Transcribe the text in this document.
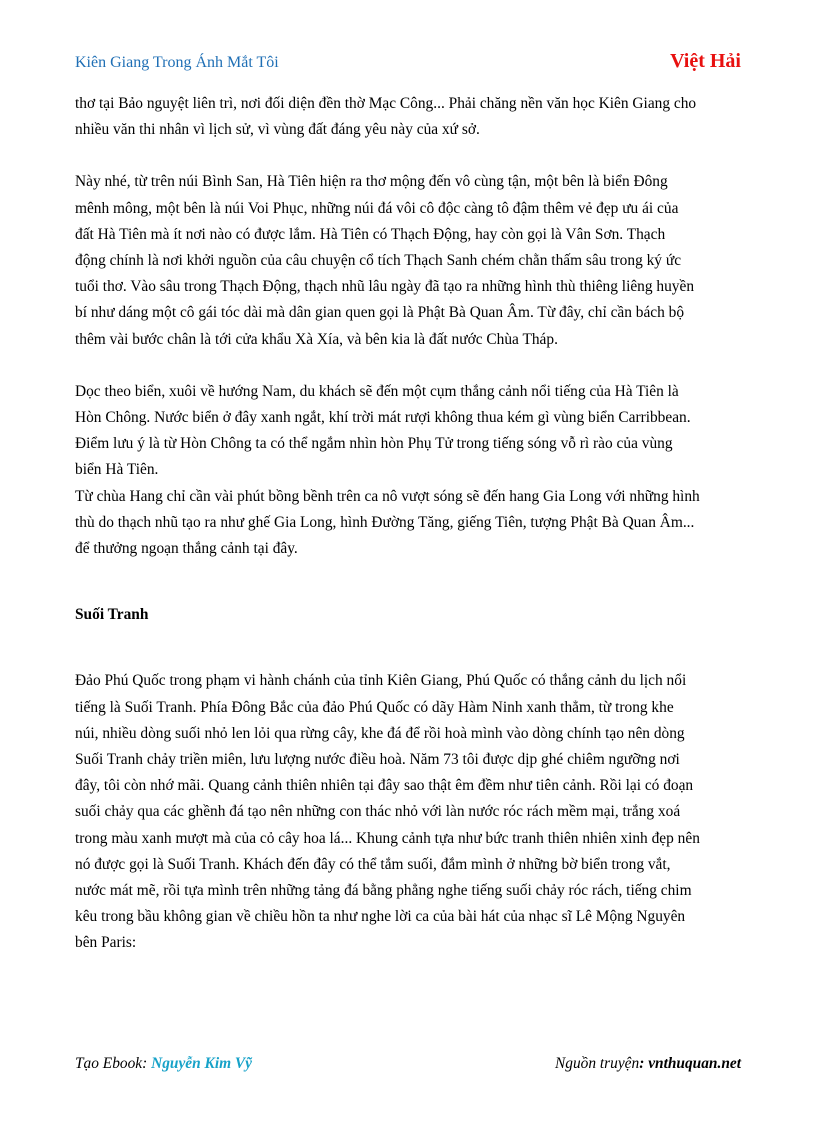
Kiên Giang Trong Ánh Mắt Tôi	Việt Hải

thơ tại Bảo nguyệt liên trì, nơi đối diện đền thờ Mạc Công... Phải chăng nền văn học Kiên Giang cho

nhiều văn thi nhân vì lịch sử, vì vùng đất đáng yêu này của xứ sở.

Này nhé, từ trên núi Bình San, Hà Tiên hiện ra thơ mộng đến vô cùng tận, một bên là biển Đông

mênh mông, một bên là núi Voi Phục, những núi đá vôi cô độc càng tô đậm thêm vẻ đẹp ưu ái của

đất Hà Tiên mà ít nơi nào có được lắm. Hà Tiên có Thạch Động, hay còn gọi là Vân Sơn. Thạch

động chính là nơi khởi nguồn của câu chuyện cổ tích Thạch Sanh chém chằn thấm sâu trong ký ức

tuổi thơ. Vào sâu trong Thạch Động, thạch nhũ lâu ngày đã tạo ra những hình thù thiêng liêng huyền

bí như dáng một cô gái tóc dài mà dân gian quen gọi là Phật Bà Quan Âm. Từ đây, chỉ cần bách bộ

thêm vài bước chân là tới cửa khẩu Xà Xía, và bên kia là đất nước Chùa Tháp.

Dọc theo biển, xuôi về hướng Nam, du khách sẽ đến một cụm thắng cảnh nổi tiếng của Hà Tiên là

Hòn Chông. Nước biển ở đây xanh ngắt, khí trời mát rượi không thua kém gì vùng biển Carribbean.

Điểm lưu ý là từ Hòn Chông ta có thể ngắm nhìn hòn Phụ Tử trong tiếng sóng vỗ rì rào của vùng

biển Hà Tiên.

Từ chùa Hang chỉ cần vài phút bồng bềnh trên ca nô vượt sóng sẽ đến hang Gia Long với những hình

thù do thạch nhũ tạo ra như ghế Gia Long, hình Đường Tăng, giếng Tiên, tượng Phật Bà Quan Âm...

để thưởng ngoạn thắng cảnh tại đây.

Suối Tranh

Đảo Phú Quốc trong phạm vi hành chánh của tỉnh Kiên Giang, Phú Quốc có thắng cảnh du lịch nổi

tiếng là Suối Tranh. Phía Đông Bắc của đảo Phú Quốc có dãy Hàm Ninh xanh thẳm, từ trong khe

núi, nhiều dòng suối nhỏ len lỏi qua rừng cây, khe đá để rồi hoà mình vào dòng chính tạo nên dòng

Suối Tranh chảy triền miên, lưu lượng nước điều hoà. Năm 73 tôi được dịp ghé chiêm ngưỡng nơi

đây, tôi còn nhớ mãi. Quang cảnh thiên nhiên tại đây sao thật êm đềm như tiên cảnh. Rồi lại có đoạn

suối chảy qua các ghềnh đá tạo nên những con thác nhỏ với làn nước róc rách mềm mại, trắng xoá

trong màu xanh mượt mà của cỏ cây hoa lá... Khung cảnh tựa như bức tranh thiên nhiên xinh đẹp nên

nó được gọi là Suối Tranh. Khách đến đây có thể tắm suối, đắm mình ở những bờ biển trong vắt,

nước mát mẽ, rồi tựa mình trên những tảng đá bằng phẳng nghe tiếng suối chảy róc rách, tiếng chim

kêu trong bầu không gian về chiều hồn ta như nghe lời ca của bài hát của nhạc sĩ Lê Mộng Nguyên

bên Paris:

Tạo Ebook: Nguyễn Kim Vỹ	Nguồn truyện: vnthuquan.net
